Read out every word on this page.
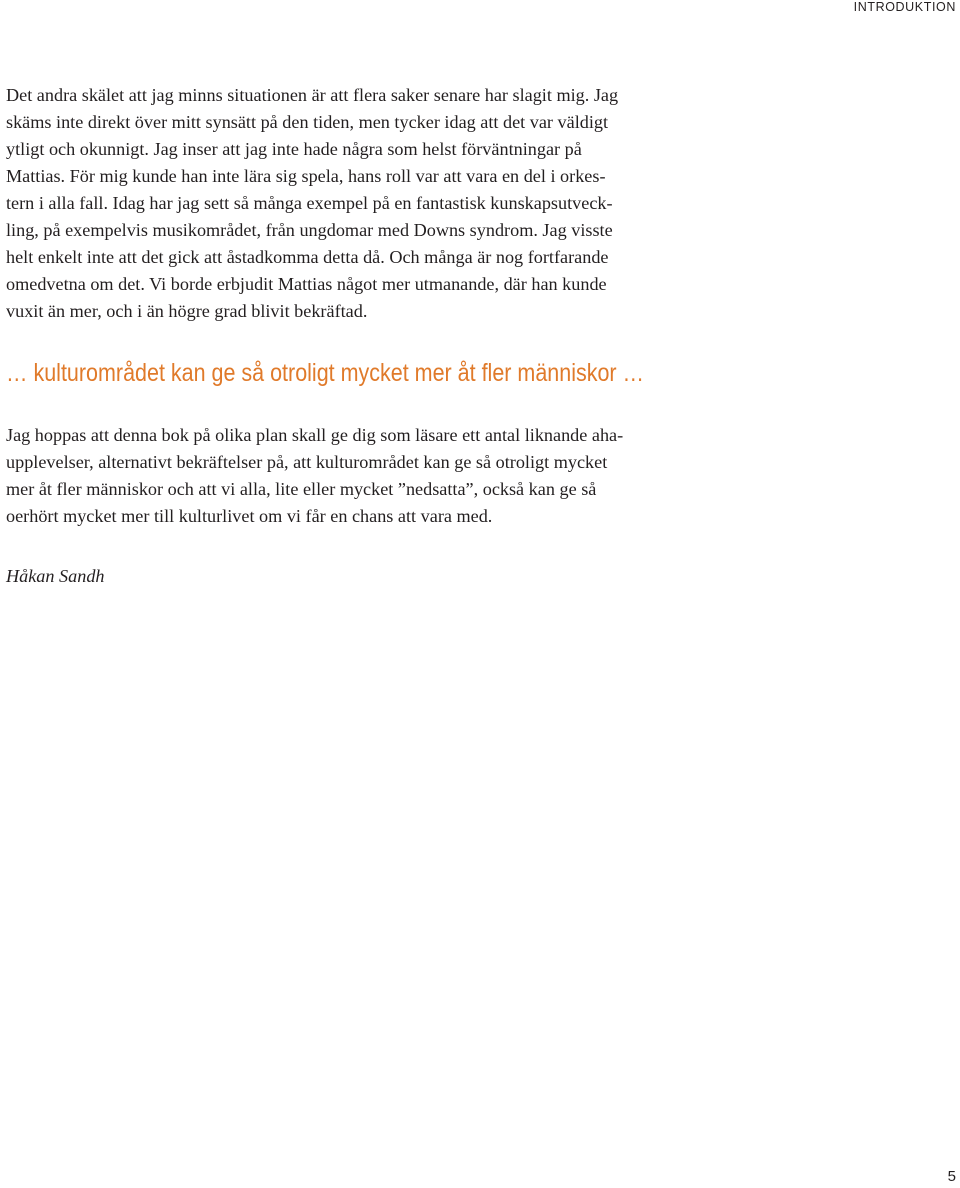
INTRODUKTION
Det andra skälet att jag minns situationen är att flera saker senare har slagit mig. Jag
skäms inte direkt över mitt synsätt på den tiden, men tycker idag att det var väldigt
ytligt och okunnigt. Jag inser att jag inte hade några som helst förväntningar på
Mattias. För mig kunde han inte lära sig spela, hans roll var att vara en del i orkes-
tern i alla fall. Idag har jag sett så många exempel på en fantastisk kunskapsutveck-
ling, på exempelvis musikområdet, från ungdomar med Downs syndrom. Jag visste
helt enkelt inte att det gick att åstadkomma detta då. Och många är nog fortfarande
omedvetna om det. Vi borde erbjudit Mattias något mer utmanande, där han kunde
vuxit än mer, och i än högre grad blivit bekräftad.
… kulturområdet kan ge så otroligt mycket mer åt fler människor …
Jag hoppas att denna bok på olika plan skall ge dig som läsare ett antal liknande aha-
upplevelser, alternativt bekräftelser på, att kulturområdet kan ge så otroligt mycket
mer åt fler människor och att vi alla, lite eller mycket ”nedsatta”, också kan ge så
oerhört mycket mer till kulturlivet om vi får en chans att vara med.
Håkan Sandh
5
